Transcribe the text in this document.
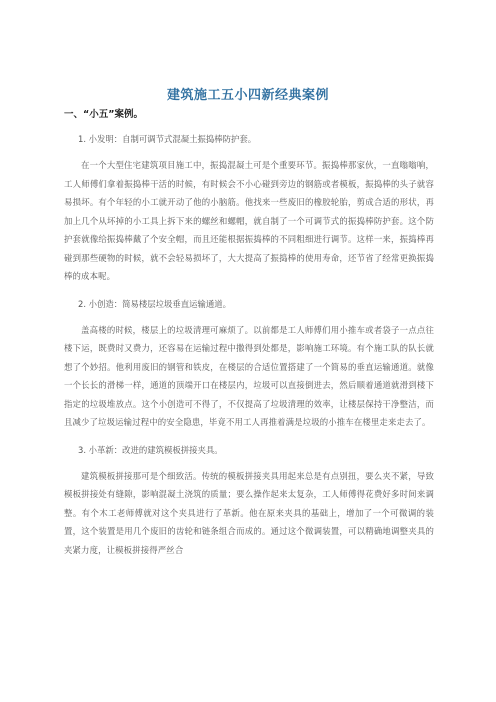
建筑施工五小四新经典案例
一、“小五”案例。
1. 小发明：自制可调节式混凝土振捣棒防护套。

在一个大型住宅建筑项目施工中，振捣混凝土可是个重要环节。振捣棒那家伙，一直嗡嗡响，工人师傅们拿着振捣棒干活的时候，有时候会不小心碰到旁边的钢筋或者模板，振捣棒的头子就容易损坏。有个年轻的小工就开动了他的小脑筋。他找来一些废旧的橡胶轮胎，剪成合适的形状，再加上几个从坏掉的小工具上拆下来的螺丝和螺帽，就自制了一个可调节式的振捣棒防护套。这个防护套就像给振捣棒戴了个安全帽，而且还能根据振捣棒的不同粗细进行调节。这样一来，振捣棒再碰到那些硬物的时候，就不会轻易损坏了，大大提高了振捣棒的使用寿命，还节省了经常更换振捣棒的成本呢。

2. 小创造：简易楼层垃圾垂直运输通道。

盖高楼的时候，楼层上的垃圾清理可麻烦了。以前都是工人师傅们用小推车或者袋子一点点往楼下运，既费时又费力，还容易在运输过程中撒得到处都是，影响施工环境。有个施工队的队长就想了个妙招。他利用废旧的钢管和铁皮，在楼层的合适位置搭建了一个简易的垂直运输通道。就像一个长长的滑梯一样，通道的顶端开口在楼层内，垃圾可以直接倒进去，然后顺着通道就滑到楼下指定的垃圾堆放点。这个小创造可不得了，不仅提高了垃圾清理的效率，让楼层保持干净整洁，而且减少了垃圾运输过程中的安全隐患，毕竟不用工人再推着满是垃圾的小推车在楼里走来走去了。

3. 小革新：改进的建筑模板拼接夹具。

建筑模板拼接那可是个细致活。传统的模板拼接夹具用起来总是有点别扭，要么夹不紧，导致模板拼接处有缝隙，影响混凝土浇筑的质量；要么操作起来太复杂，工人师傅得花费好多时间来调整。有个木工老师傅就对这个夹具进行了革新。他在原来夹具的基础上，增加了一个可微调的装置，这个装置是用几个废旧的齿轮和链条组合而成的。通过这个微调装置，可以精确地调整夹具的夹紧力度，让模板拼接得严丝合
